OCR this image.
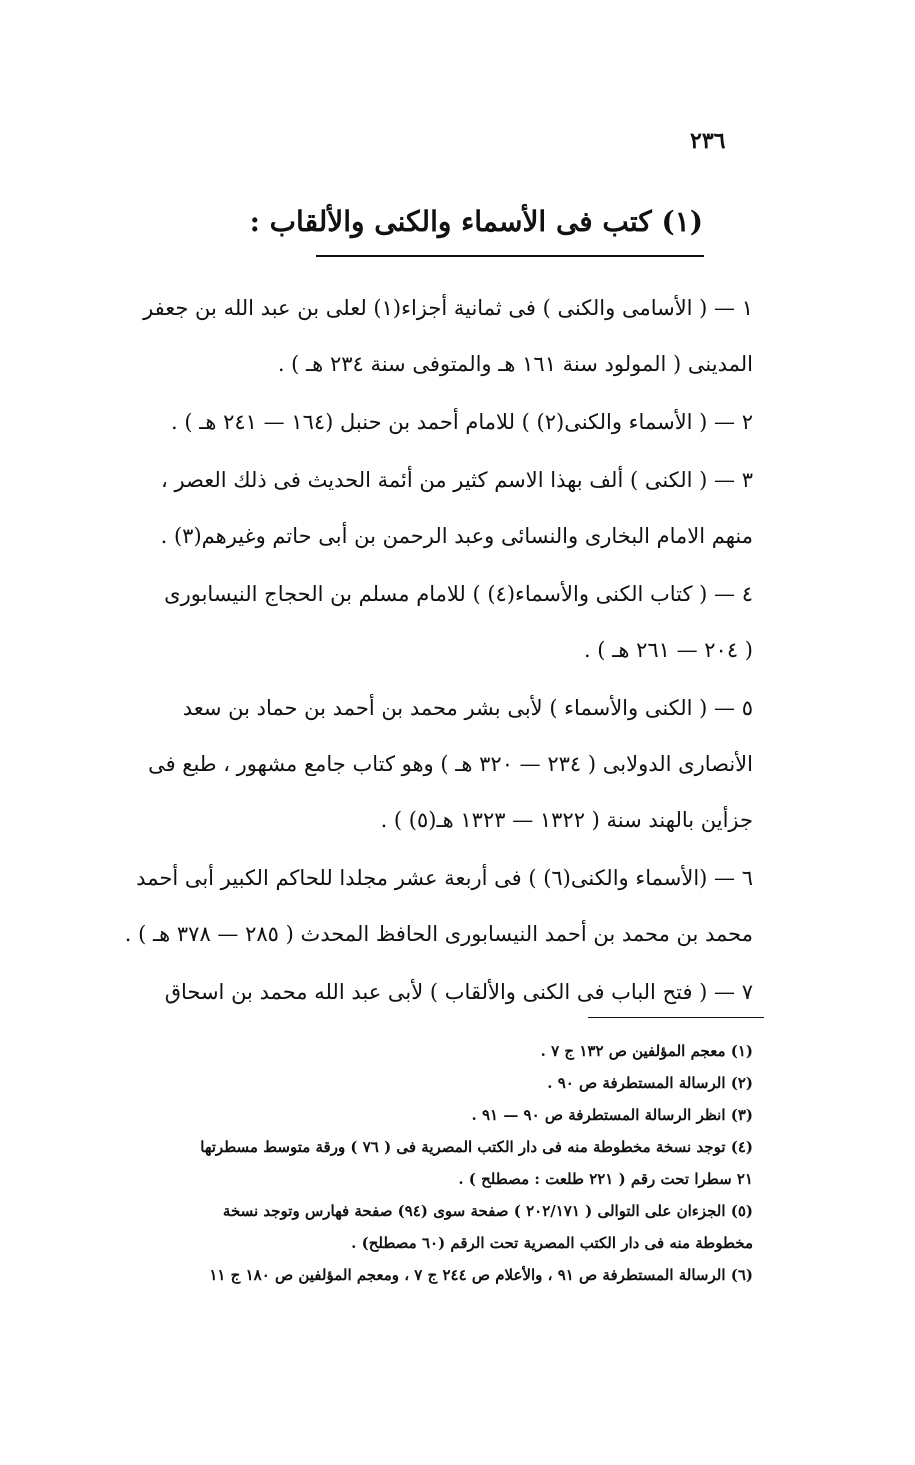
٢٣٦
(١) كتب فى الأسماء والكنى والألقاب :

١ — ( الأسامى والكنى ) فى ثمانية أجزاء(١) لعلى بن عبد الله بن جعفر
المدينى ( المولود سنة ١٦١ هـ والمتوفى سنة ٢٣٤ هـ ) .

٢ — ( الأسماء والكنى(٢) ) للامام أحمد بن حنبل (١٦٤ — ٢٤١ هـ ) .

٣ — ( الكنى ) ألف بهذا الاسم كثير من أئمة الحديث فى ذلك العصر ،
منهم الامام البخارى والنسائى وعبد الرحمن بن أبى حاتم وغيرهم(٣) .

٤ — ( كتاب الكنى والأسماء(٤) ) للامام مسلم بن الحجاج النيسابورى
( ٢٠٤ — ٢٦١ هـ ) .

٥ — ( الكنى والأسماء ) لأبى بشر محمد بن أحمد بن حماد بن سعد
الأنصارى الدولابى ( ٢٣٤ — ٣٢٠ هـ ) وهو كتاب جامع مشهور ، طبع فى
جزأين بالهند سنة ( ١٣٢٢ — ١٣٢٣ هـ(٥) ) .

٦ — (الأسماء والكنى(٦) ) فى أربعة عشر مجلدا للحاكم الكبير أبى أحمد
محمد بن محمد بن أحمد النيسابورى الحافظ المحدث ( ٢٨٥ — ٣٧٨ هـ ) .

٧ — ( فتح الباب فى الكنى والألقاب ) لأبى عبد الله محمد بن اسحاق

(١) معجم المؤلفين ص ١٣٢ ج ٧ .
(٢) الرسالة المستطرفة ص ٩٠ .
(٣) انظر الرسالة المستطرفة ص ٩٠ — ٩١ .
(٤) توجد نسخة مخطوطة منه فى دار الكتب المصرية فى ( ٧٦ ) ورقة متوسط مسطرتها
٢١ سطرا تحت رقم ( ٢٢١ طلعت : مصطلح ) .
(٥) الجزءان على التوالى ( ٢٠٢/١٧١ ) صفحة سوى (٩٤) صفحة فهارس وتوجد نسخة
مخطوطة منه فى دار الكتب المصرية تحت الرقم (٦٠ مصطلح) .
(٦) الرسالة المستطرفة ص ٩١ ، والأعلام ص ٢٤٤ ج ٧ ، ومعجم المؤلفين ص ١٨٠ ج ١١
